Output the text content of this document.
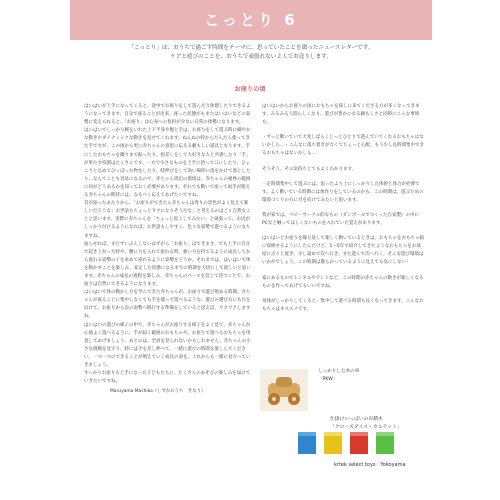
こっとり 6
「こっとり」は、おうちで過ごす時間をテーマに、思っていたことを綴ったニュースレターです。
ケアと遊びのことを、おうちで頑張れない２人でお送りします。
お座りの頃

はいはいが上手になってくると、途中でお座りをして遊んだり休憩したりできるようになってきます。自分で座ることが出来、座った状態がもまたはいはいなどの姿勢に変えられると、「お座り」は心身への負担が少ない日常の体勢になります。

はいはいでしっかり腕をいれた上下半身や腹と手は、お座りをして遊ぶ時に細やかな動きやダイナミックな動きを見せてくれます。ねんねの時からだんだん使ってきた手ですが、この頃から更に赤ちゃんの意思に応える頼もしい道具となります。手にしたおもちゃを隣りまで振ったり、指差しをして大好きな人と共感したり「手」が果たす役割はたくさんです。一方で小さなものを上手に拾って口にしたり、ひょこりと込めてひっぱった物をしたり、時押びをして高い場所に指をかけて落としたり…なんてことも容易になるので、赤ちゃん周辺の環境は、赤ちゃんの視界の範囲に何がどうあるかを知っておく必要があります。それでも動いて座って両手が使える赤ちゃんの期待には、なるべく応えてあげたいですね。

首が座ったあたりから、「お座りができたら赤ちゃんは周りの景色がよく見えて楽しいだろうな」お世話もちょっとラクになりそうだな」と考えるのはごく自然なことと思います。実際に赤ちゃんを「ちょっと起こしてみたい」と頑張って、お尻がしっかり付けるようになれば、お世話もしやすく、色々な姿勢で遊べるようになりますね。

座らせれば、まだずいぶんしないはずがら「お座り」はできます。でも上手に自分で起き上がった時や、腰に力を入れて座れる時、強い力を持てるように成長してから座れる姿勢の子を求めて座れるように姿勢をどうか。それまでは、はいはいで体を動かすことを楽しみ、安定した状態になるまでの時期を大切にして欲しいと思います。赤ちゃんの成長の過程を楽しみ、赤ちゃんのペースを信じて待つことで、お座りは自然にできるようになります。

はいはいで体の動かし方を学んできた赤ちゃんが、お座りで遊び始める時期。赤ちゃんが座ることに集中しなくても手を使って遊べるような、遊びの選び方にも目を向けて、お座りから次の姿勢へ移行する準備をしていると思えば、ワクワクしますね。

はいはいの遊びの様子の中で、赤ちゃんがお座りする様子をよく見て、赤ちゃんが心地よく遊べるように、手が届く範囲のおもちゃや、お座りで遊べるおもちゃを用意してあげましょう。あとのは、全員を見られないかもしれません。赤ちゃんの小さな挑戦を見守り、時には手を差し伸べて、一緒に遊びの時間を楽しんでください。一つ一つのできることが増えていく成長の姿を、これからも一緒に見守っていきましょう。

すっかりお座りも上手になった子どもたちに、たくさんのあそびの楽しみを届けていきたいですね。

Maruyama Machiko（しずかおうち　きなり）

はいはいからお座りの頃におもちゃを探しに来てくださる方が多くなってきます。みるみる人間らしくなり、遊びが豊かになる頼もしさと同時にこんな事情も。

・ずっと動いていて大変しばらくじっとひとりで遊んでいてくれるおもちゃはないかしら…・こんなに落ち着きがなくてちょっと心配。もう少し長時間集中できるおもちゃはないかしら…

そうそう、その気持ちとてもよくわかります。

一定時間集中して遊ぶには、思ったより上にしっかりした体幹と体力が必要です。よく動いている時期には体作りをしているのかも。この時期は、遊ぶための環境づくりの方に目を向けてみたいと思います。

我が家では、ベビーサークル的なもの（ダンボールでつくった自家製）の中にPCなど触ってほしくないものを入れていた覚えがあります。

はいはいとお座りを繰り返して楽しく動いているときは、おもちゃをおもちゃ箱に収納するようにしたんだけど、1〜5年で紹介してきたようなおもちゃをお部屋に点々と置き、少し遠めで次へ行き、また遊んで次へ行く。そんな遊び環境はいかがでしょう。この時期は散らかっているように見えても気にしない！

家にあるものでトンネルやテントなど、この時期の赤ちゃんの動きが楽しくなるものを作ってあげてもいいですね。

身体がしっかりしてくると、集中して遊べる時間も長くなってきます。こんなおもちゃはオススメです。

しっかりした木の車
「PKW」
仕掛けいっぱいの布積木
「クローズダイス・カルテット」
krtek select toys : Yokoyama
